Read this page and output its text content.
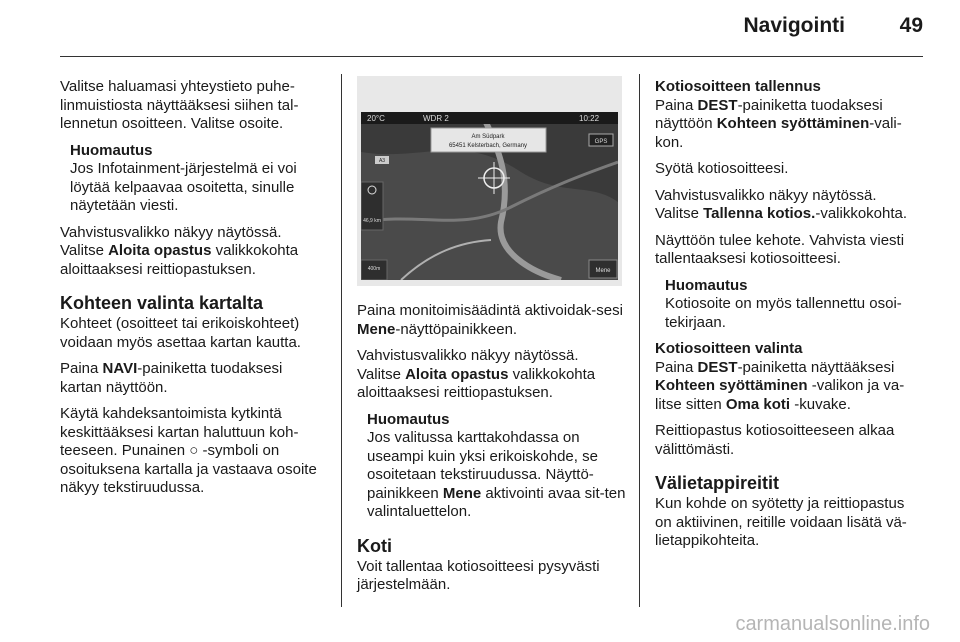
Navigointi	49

Valitse haluamasi yhteystieto puhe-linmuistiosta näyttääksesi siihen tal-lennetun osoitteen. Valitse osoite.

Huomautus
Jos Infotainment-järjestelmä ei voi löytää kelpaavaa osoitetta, sinulle näytetään viesti.

Vahvistusvalikko näkyy näytössä.

Valitse Aloita opastus valikkokohta aloittaaksesi reittiopastuksen.

Kohteen valinta kartalta

Kohteet (osoitteet tai erikoiskohteet) voidaan myös asettaa kartan kautta.

Paina NAVI-painiketta tuodaksesi kartan näyttöön.

Käytä kahdeksantoimista kytkintä keskittääksesi kartan haluttuun koh-teeseen. Punainen ○ -symboli on osoituksena kartalla ja vastaava osoite näkyy tekstiruudussa.

20°C	WDR 2	10:22
Am Südpark
65451 Kelsterbach, Germany
GPS
A3
46,9 km
400m	Mene

Paina monitoimisäädintä aktivoidak-sesi Mene-näyttöpainikkeen.

Vahvistusvalikko näkyy näytössä.

Valitse Aloita opastus valikkokohta aloittaaksesi reittiopastuksen.

Huomautus
Jos valitussa karttakohdassa on useampi kuin yksi erikoiskohde, se osoitetaan tekstiruudussa. Näyttö-painikkeen Mene aktivointi avaa sit-ten valintaluettelon.
Koti

Voit tallentaa kotiosoitteesi pysyvästi järjestelmään.

Kotiosoitteen tallennus

Paina DEST-painiketta tuodaksesi näyttöön Kohteen syöttäminen-vali-kon.

Syötä kotiosoitteesi.

Vahvistusvalikko näkyy näytössä.

Valitse Tallenna kotios.-valikkokohta.

Näyttöön tulee kehote. Vahvista viesti tallentaaksesi kotiosoitteesi.

Huomautus
Kotiosoite on myös tallennettu osoi-tekirjaan.
Kotiosoitteen valinta

Paina DEST-painiketta näyttääksesi Kohteen syöttäminen -valikon ja va-litse sitten Oma koti -kuvake.

Reittiopastus kotiosoitteeseen alkaa välittömästi.

Välietappireitit

Kun kohde on syötetty ja reittiopastus on aktiivinen, reitille voidaan lisätä vä-lietappikohteita.

carmanualsonline.info
